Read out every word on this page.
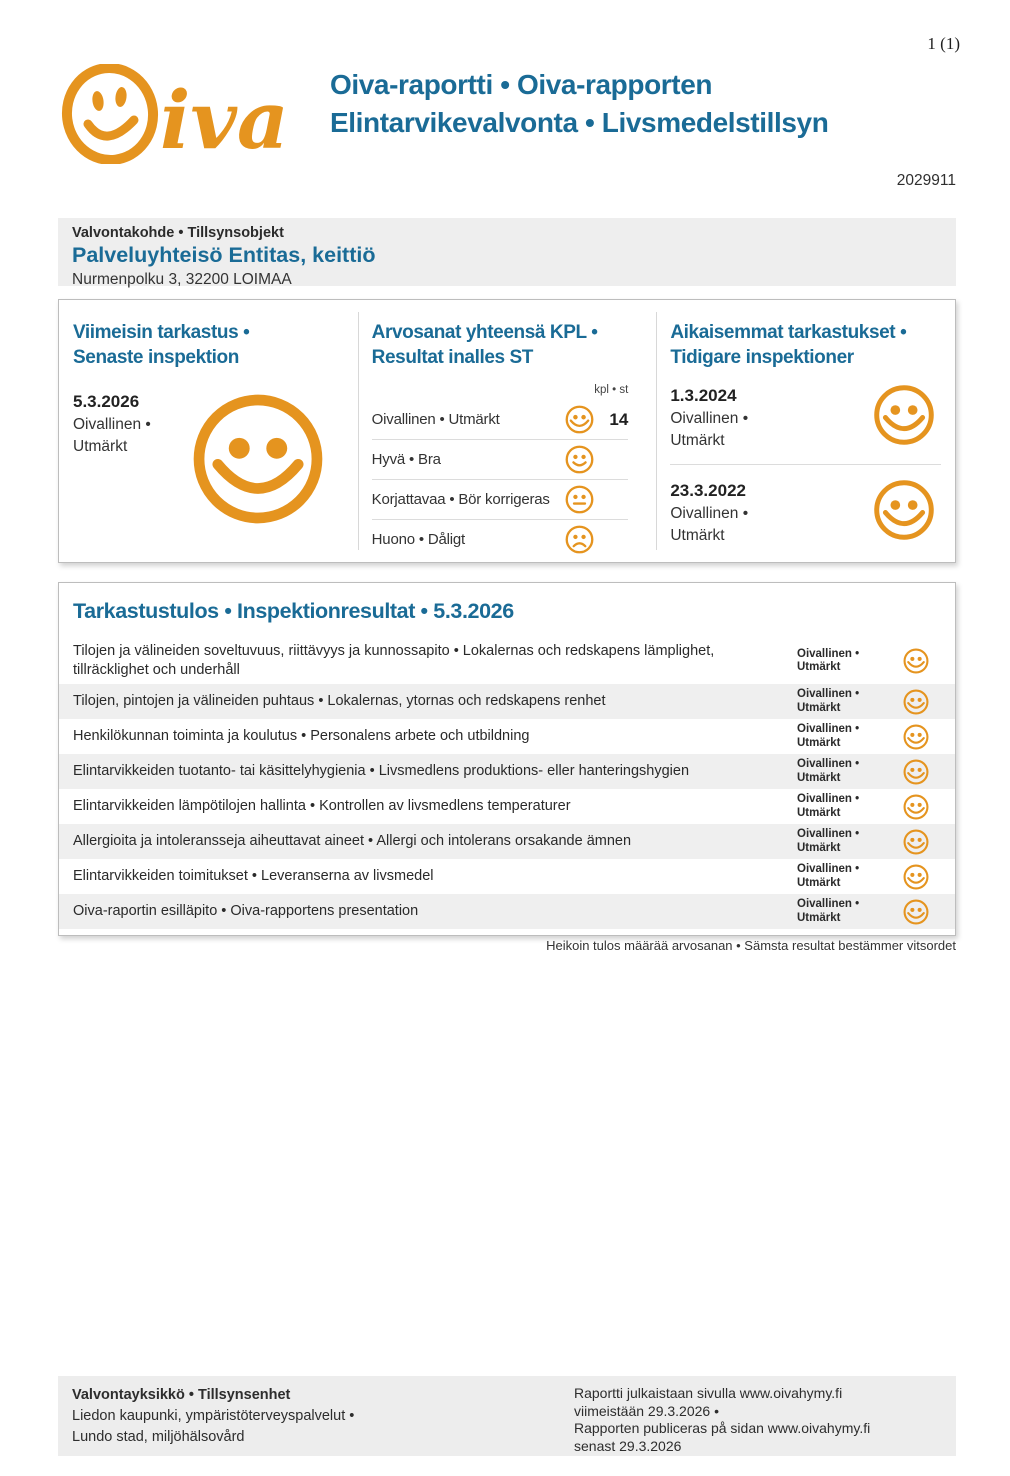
1 (1)
iva Oiva-raportti • Oiva-rapporten
Elintarvikevalvonta • Livsmedelstillsyn
2029911
Valvontakohde • Tillsynsobjekt
Palveluyhteisö Entitas, keittiö
Nurmenpolku 3, 32200 LOIMAA
Viimeisin tarkastus •
Senaste inspektion
5.3.2026
Oivallinen •
Utmärkt
Arvosanat yhteensä KPL •
Resultat inalles ST
kpl • st
Oivallinen • Utmärkt	14
Hyvä • Bra
Korjattavaa • Bör korrigeras
Huono • Dåligt
Aikaisemmat tarkastukset •
Tidigare inspektioner
1.3.2024
Oivallinen •
Utmärkt
23.3.2022
Oivallinen •
Utmärkt
Tarkastustulos • Inspektionresultat • 5.3.2026
Tilojen ja välineiden soveltuvuus, riittävyys ja kunnossapito • Lokalernas och redskapens lämplighet, tillräcklighet och underhåll
Oivallinen •
Utmärkt
Tilojen, pintojen ja välineiden puhtaus • Lokalernas, ytornas och redskapens renhet	Oivallinen •
Utmärkt
Henkilökunnan toiminta ja koulutus • Personalens arbete och utbildning	Oivallinen •
Utmärkt
Elintarvikkeiden tuotanto- tai käsittelyhygienia • Livsmedlens produktions- eller hanteringshygien	Oivallinen •
Utmärkt
Elintarvikkeiden lämpötilojen hallinta • Kontrollen av livsmedlens temperaturer	Oivallinen •
Utmärkt
Allergioita ja intoleransseja aiheuttavat aineet • Allergi och intolerans orsakande ämnen	Oivallinen •
Utmärkt
Elintarvikkeiden toimitukset • Leveranserna av livsmedel	Oivallinen •
Utmärkt
Oiva-raportin esilläpito • Oiva-rapportens presentation	Oivallinen •
Utmärkt
Heikoin tulos määrää arvosanan • Sämsta resultat bestämmer vitsordet
Valvontayksikkö • Tillsynsenhet
Liedon kaupunki, ympäristöterveyspalvelut •
Lundo stad, miljöhälsovård
Raportti julkaistaan sivulla www.oivahymy.fi
viimeistään 29.3.2026 •
Rapporten publiceras på sidan www.oivahymy.fi
senast 29.3.2026
